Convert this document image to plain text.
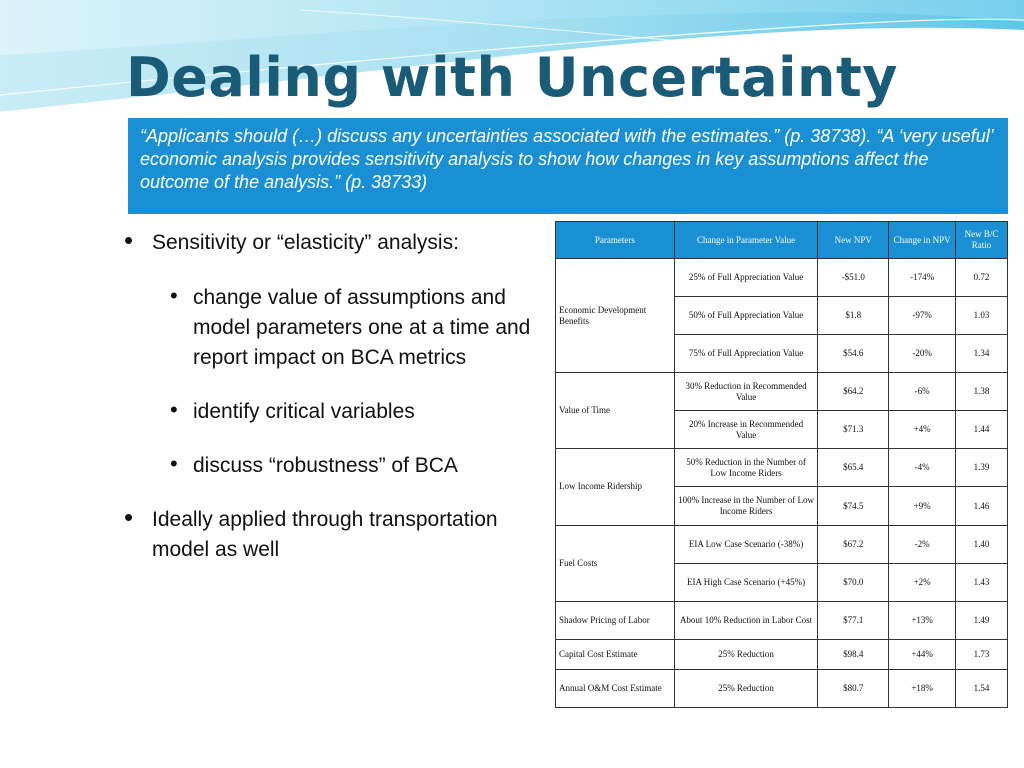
Dealing with Uncertainty
“Applicants should (…) discuss any uncertainties associated with the estimates.” (p. 38738). “A ‘very useful’ economic analysis provides sensitivity analysis to show how changes in key assumptions affect the outcome of the analysis.” (p. 38733)
• Sensitivity or “elasticity” analysis:
• change value of assumptions and model parameters one at a time and report impact on BCA metrics
• identify critical variables
• discuss “robustness” of BCA
• Ideally applied through transportation model as well
Parameters	Change in Parameter Value	New NPV	Change in NPV	New B/C Ratio
Economic Development Benefits	25% of Full Appreciation Value	-$51.0	-174%	0.72
	50% of Full Appreciation Value	$1.8	-97%	1.03
	75% of Full Appreciation Value	$54.6	-20%	1.34
Value of Time	30% Reduction in Recommended Value	$64.2	-6%	1.38
	20% Increase in Recommended Value	$71.3	+4%	1.44
Low Income Ridership	50% Reduction in the Number of Low Income Riders	$65.4	-4%	1.39
	100% Increase in the Number of Low Income Riders	$74.5	+9%	1.46
Fuel Costs	EIA Low Case Scenario (-38%)	$67.2	-2%	1.40
	EIA High Case Scenario (+45%)	$70.0	+2%	1.43
Shadow Pricing of Labor	About 10% Reduction in Labor Cost	$77.1	+13%	1.49
Capital Cost Estimate	25% Reduction	$98.4	+44%	1.73
Annual O&M Cost Estimate	25% Reduction	$80.7	+18%	1.54
